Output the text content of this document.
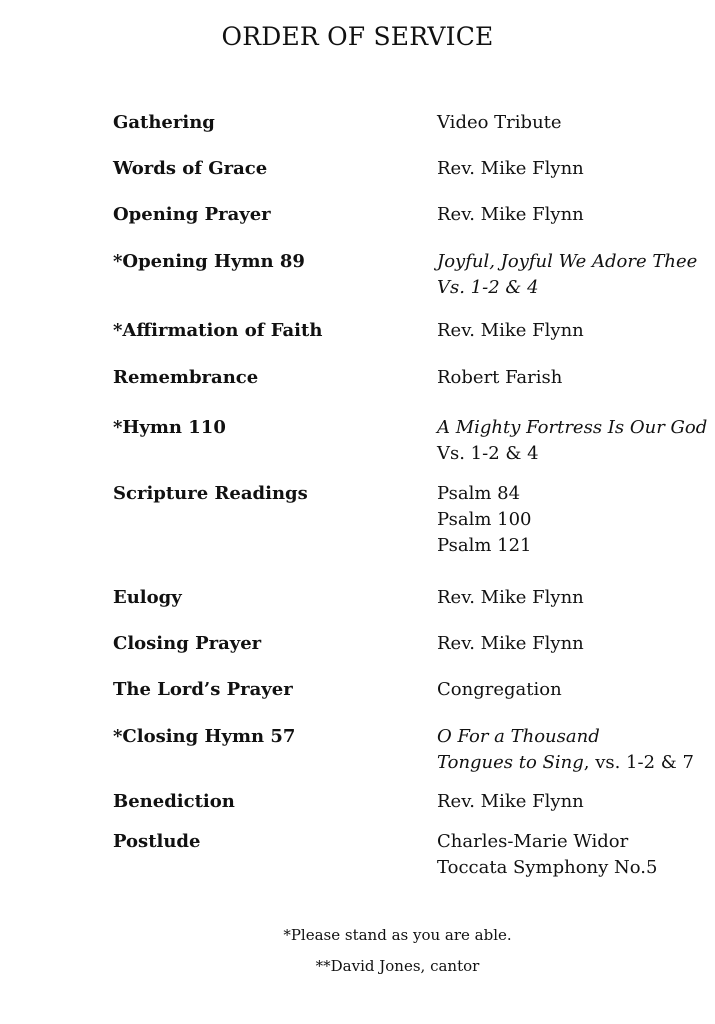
ORDER OF SERVICE
Gathering	Video Tribute
Words of Grace	Rev. Mike Flynn
Opening Prayer	Rev. Mike Flynn
*Opening Hymn 89	Joyful, Joyful We Adore Thee
Vs. 1-2 & 4
*Affirmation of Faith	Rev. Mike Flynn
Remembrance	Robert Farish
*Hymn 110	A Mighty Fortress Is Our God
Vs. 1-2 & 4
Scripture Readings	Psalm 84
Psalm 100
Psalm 121
Eulogy	Rev. Mike Flynn
Closing Prayer	Rev. Mike Flynn
The Lord’s Prayer	Congregation
*Closing Hymn 57	O For a Thousand
Tongues to Sing, vs. 1-2 & 7
Benediction	Rev. Mike Flynn
Postlude	Charles-Marie Widor
Toccata Symphony No.5
*Please stand as you are able.
**David Jones, cantor
